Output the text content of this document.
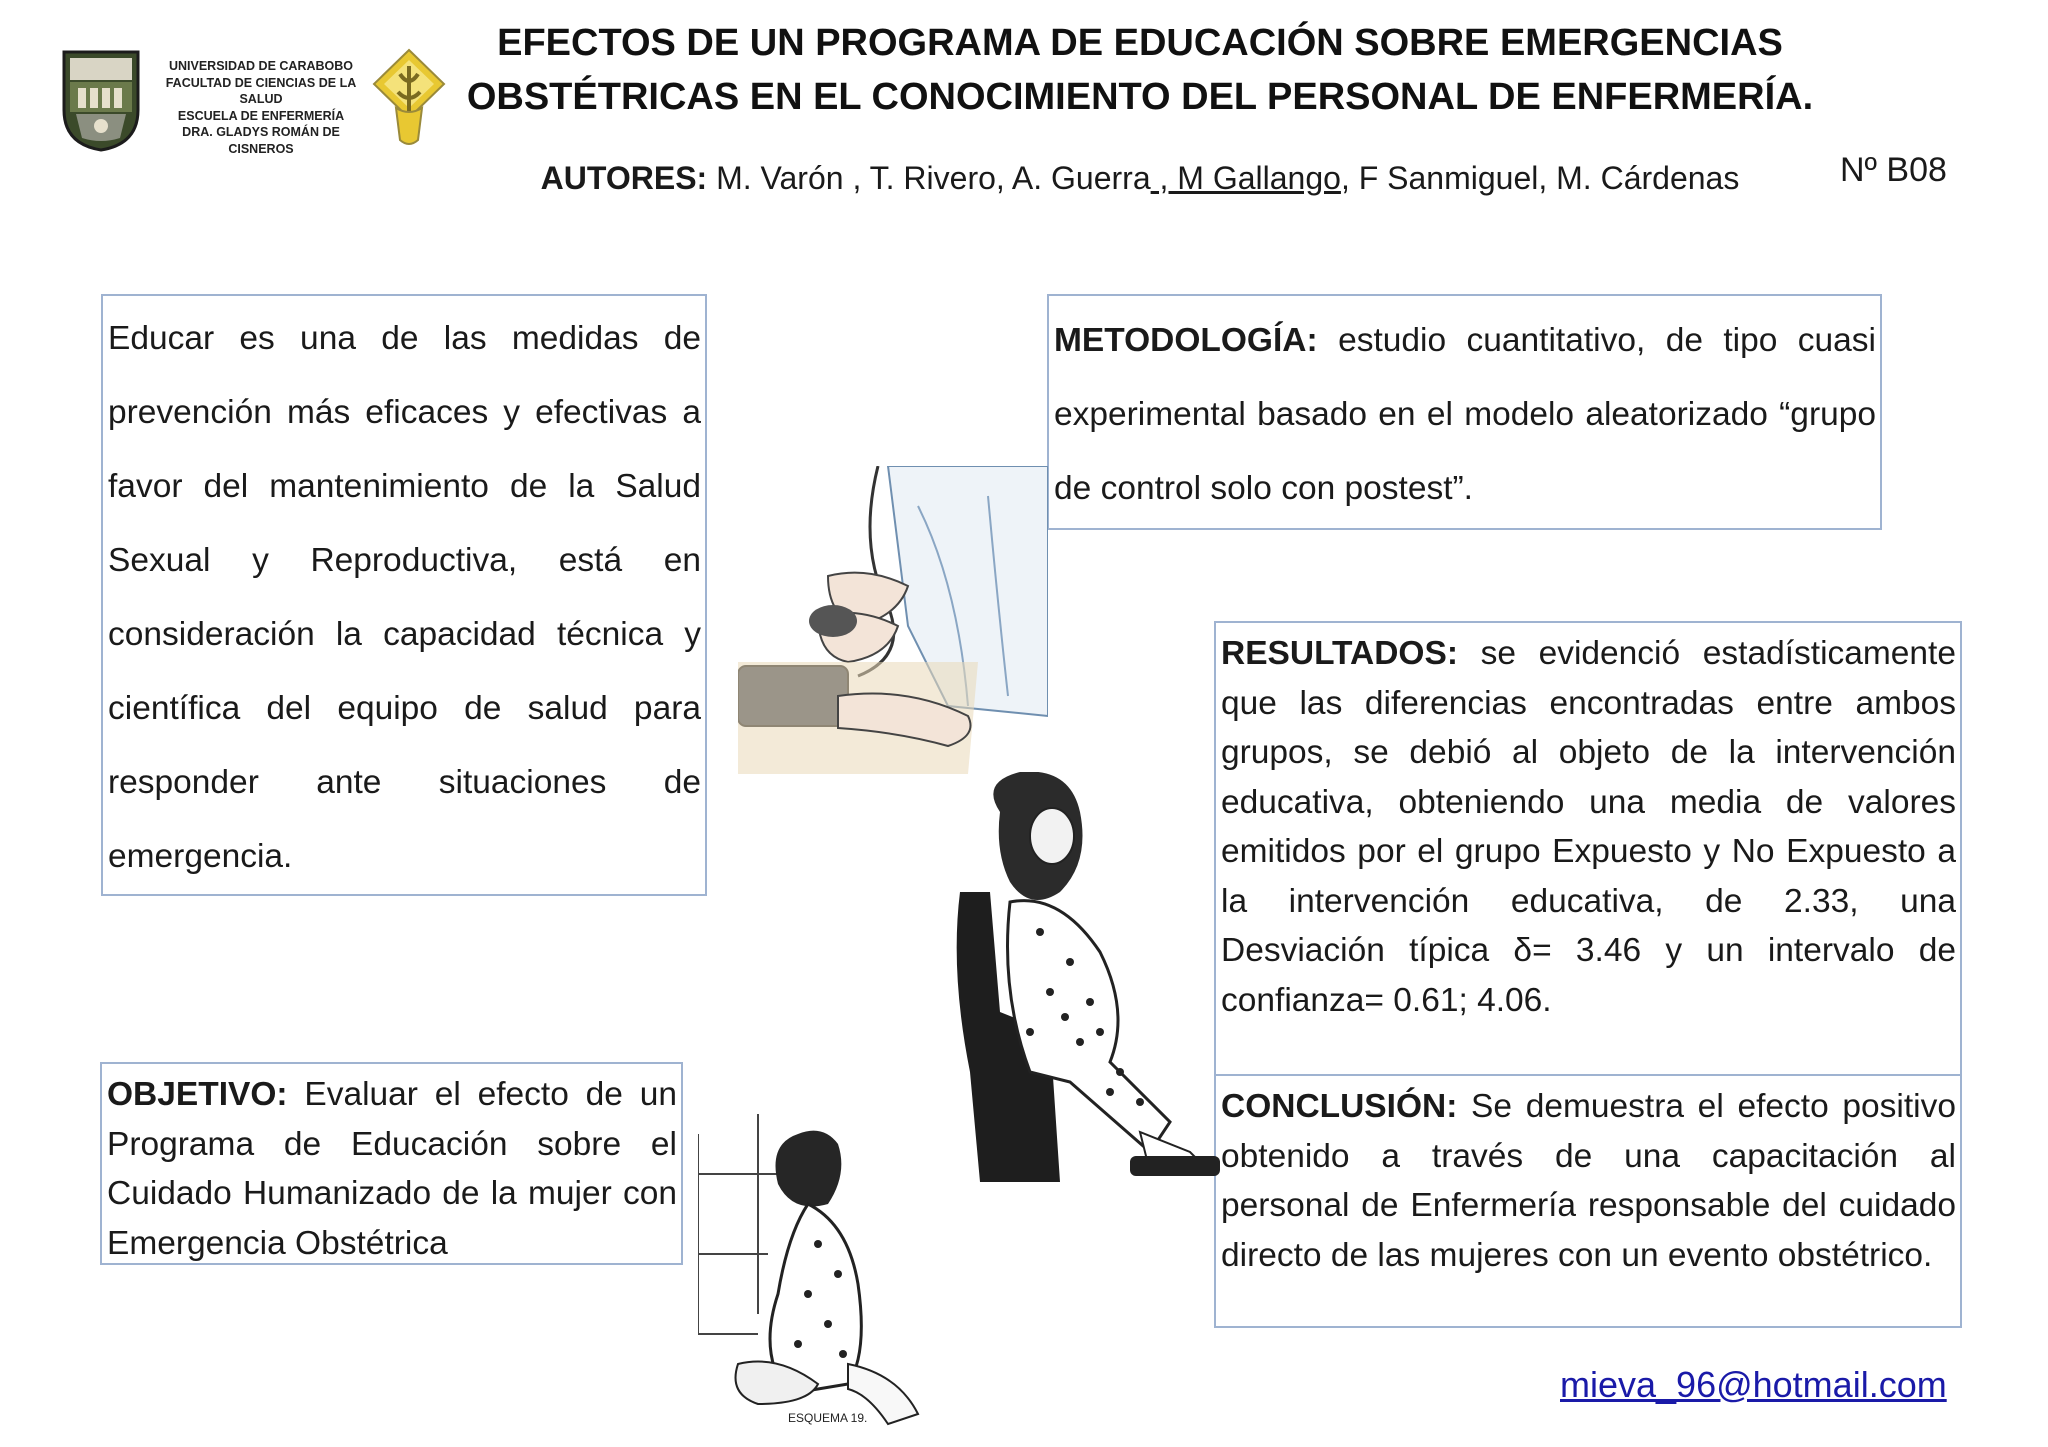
UNIVERSIDAD DE CARABOBO
FACULTAD DE CIENCIAS DE LA
SALUD
ESCUELA DE ENFERMERÍA
DRA. GLADYS ROMÁN DE
CISNEROS
EFECTOS DE UN PROGRAMA DE EDUCACIÓN SOBRE EMERGENCIAS
OBSTÉTRICAS EN EL CONOCIMIENTO DEL PERSONAL DE ENFERMERÍA.
AUTORES: M. Varón , T. Rivero, A. Guerra , M Gallango, F Sanmiguel, M. Cárdenas	Nº B08
Educar es una de las medidas de prevención más eficaces y efectivas a favor del mantenimiento de la Salud Sexual y Reproductiva, está en consideración la capacidad técnica y científica del equipo de salud para responder ante situaciones de emergencia.
METODOLOGÍA: estudio cuantitativo, de tipo cuasi experimental basado en el modelo aleatorizado “grupo de control solo con postest”.
RESULTADOS: se evidenció estadísticamente que las diferencias encontradas entre ambos grupos, se debió al objeto de la intervención educativa, obteniendo una media de valores emitidos por el grupo Expuesto y No Expuesto a la intervención educativa, de 2.33, una Desviación típica δ= 3.46 y un intervalo de confianza= 0.61; 4.06.
CONCLUSIÓN: Se demuestra el efecto positivo obtenido a través de una capacitación al personal de Enfermería responsable del cuidado directo de las mujeres con un evento obstétrico.
OBJETIVO: Evaluar el efecto de un Programa de Educación sobre el Cuidado Humanizado de la mujer con Emergencia Obstétrica
ESQUEMA 19.
mieva_96@hotmail.com
